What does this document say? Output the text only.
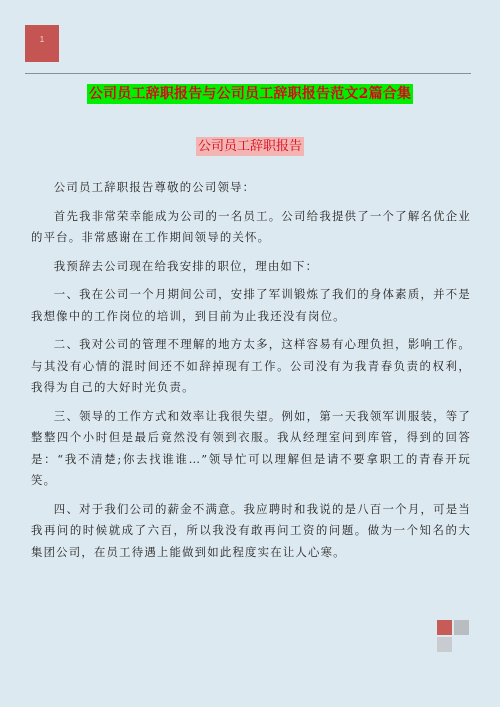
1
公司员工辞职报告与公司员工辞职报告范文2篇合集
公司员工辞职报告

公司员工辞职报告尊敬的公司领导：

首先我非常荣幸能成为公司的一名员工。公司给我提供了一个了解名优企业的平台。非常感谢在工作期间领导的关怀。

我预辞去公司现在给我安排的职位，理由如下：

一、我在公司一个月期间公司，安排了军训锻炼了我们的身体素质，并不是我想像中的工作岗位的培训，到目前为止我还没有岗位。

二、我对公司的管理不理解的地方太多，这样容易有心理负担，影响工作。与其没有心情的混时间还不如辞掉现有工作。公司没有为我青春负责的权利，我得为自己的大好时光负责。

三、领导的工作方式和效率让我很失望。例如，第一天我领军训服装，等了整整四个小时但是最后竟然没有领到衣服。我从经理室问到库管，得到的回答是：“我不清楚;你去找谁谁…”领导忙可以理解但是请不要拿职工的青春开玩笑。

四、对于我们公司的薪金不满意。我应聘时和我说的是八百一个月，可是当我再问的时候就成了六百，所以我没有敢再问工资的问题。做为一个知名的大集团公司，在员工待遇上能做到如此程度实在让人心寒。
